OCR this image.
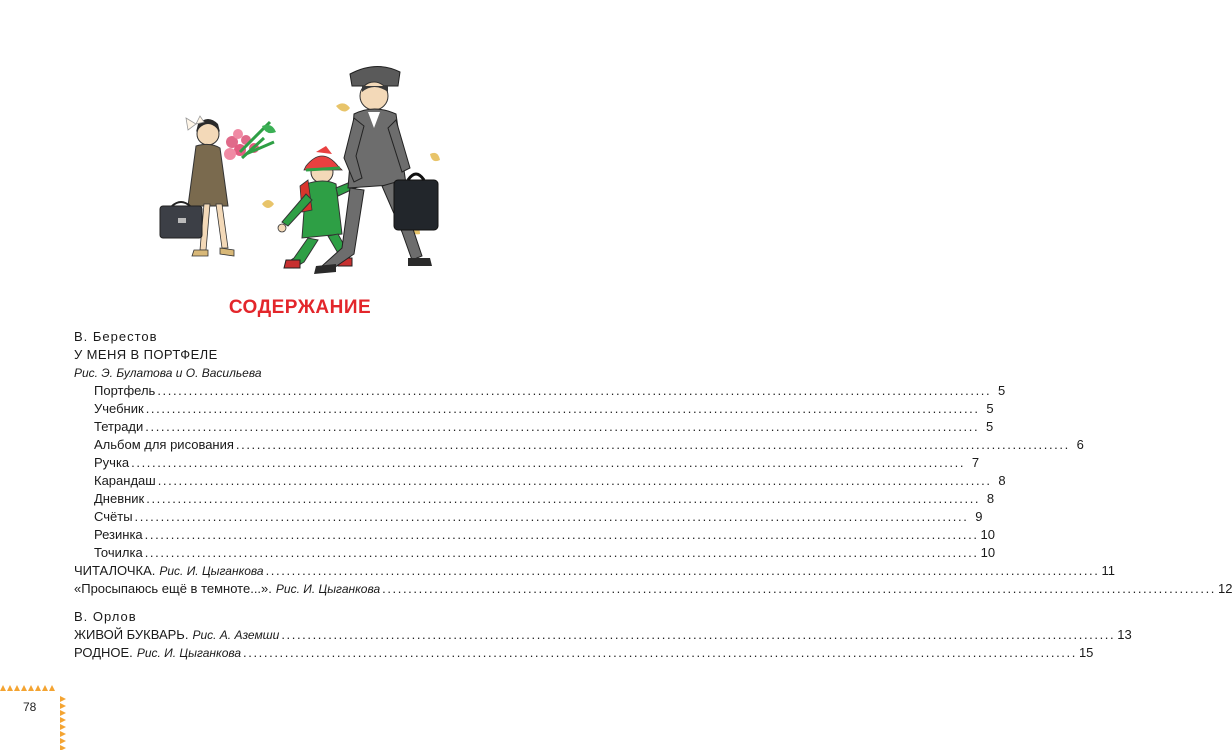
СОДЕРЖАНИЕ
В. Берестов
У МЕНЯ В ПОРТФЕЛЕ
Рис. Э. Булатова и О. Васильева
Портфель ................................................................................................................................................................ 5
Учебник ................................................................................................................................................................ 5
Тетради ................................................................................................................................................................ 5
Альбом для рисования ................................................................................................................................................................ 6
Ручка ................................................................................................................................................................ 7
Карандаш ................................................................................................................................................................ 8
Дневник ................................................................................................................................................................ 8
Счёты ................................................................................................................................................................ 9
Резинка ................................................................................................................................................................ 10
Точилка ................................................................................................................................................................ 10
ЧИТАЛОЧКА. Рис. И. Цыганкова ................................................................................................................................................................ 11
«Просыпаюсь ещё в темноте...». Рис. И. Цыганкова ................................................................................................................................................................ 12
В. Орлов
ЖИВОЙ БУКВАРЬ. Рис. А. Аземши ................................................................................................................................................................ 13
РОДНОЕ. Рис. И. Цыганкова ................................................................................................................................................................ 15
78
